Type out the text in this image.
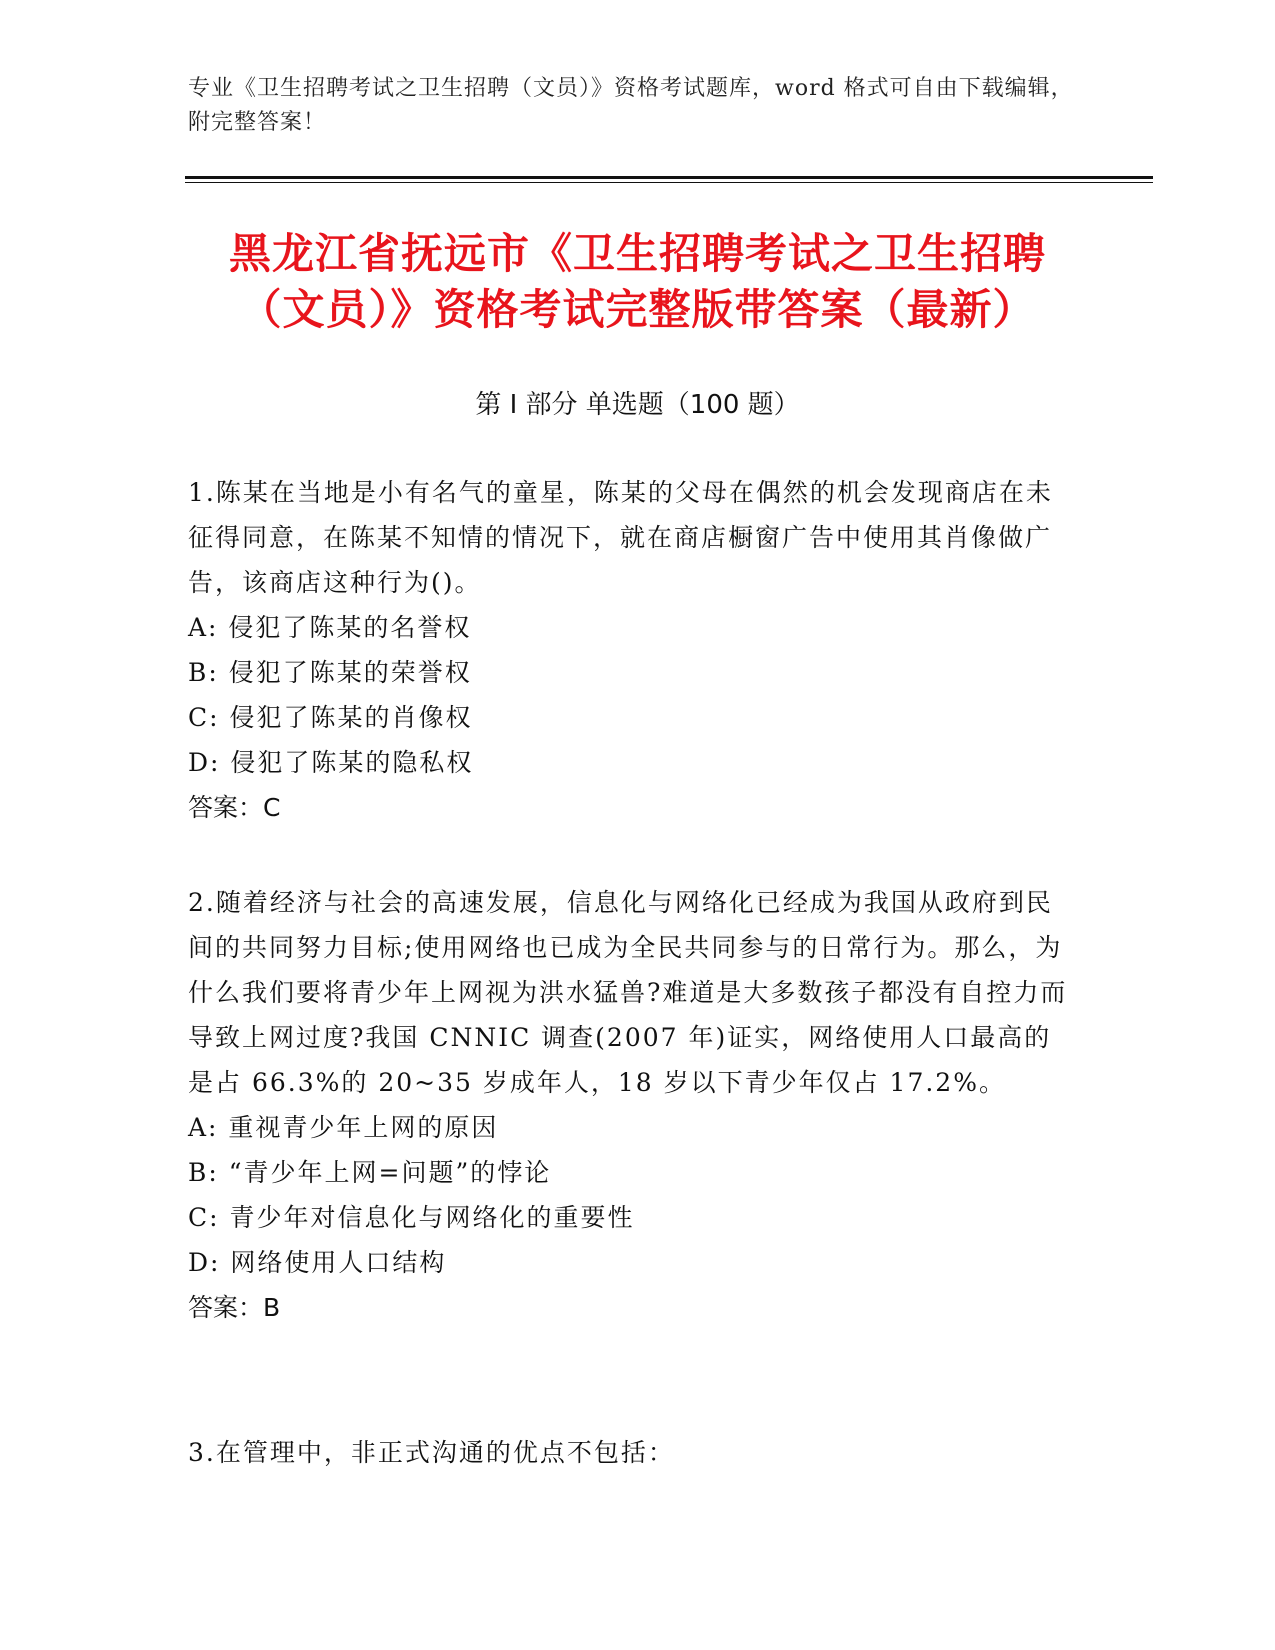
专业《卫生招聘考试之卫生招聘（文员）》资格考试题库，word 格式可自由下载编辑，附完整答案！
黑龙江省抚远市《卫生招聘考试之卫生招聘
（文员）》资格考试完整版带答案（最新）
第 I 部分 单选题（100 题）

1.陈某在当地是小有名气的童星，陈某的父母在偶然的机会发现商店在未征得同意，在陈某不知情的情况下，就在商店橱窗广告中使用其肖像做广告，该商店这种行为()。

A: 侵犯了陈某的名誉权

B: 侵犯了陈某的荣誉权

C: 侵犯了陈某的肖像权

D: 侵犯了陈某的隐私权

答案：C

2.随着经济与社会的高速发展，信息化与网络化已经成为我国从政府到民间的共同努力目标;使用网络也已成为全民共同参与的日常行为。那么，为什么我们要将青少年上网视为洪水猛兽?难道是大多数孩子都没有自控力而导致上网过度?我国 CNNIC 调查(2007 年)证实，网络使用人口最高的是占 66.3%的 20~35 岁成年人，18 岁以下青少年仅占 17.2%。

A: 重视青少年上网的原因

B: “青少年上网=问题”的悖论

C: 青少年对信息化与网络化的重要性

D: 网络使用人口结构

答案：B

3.在管理中，非正式沟通的优点不包括：
